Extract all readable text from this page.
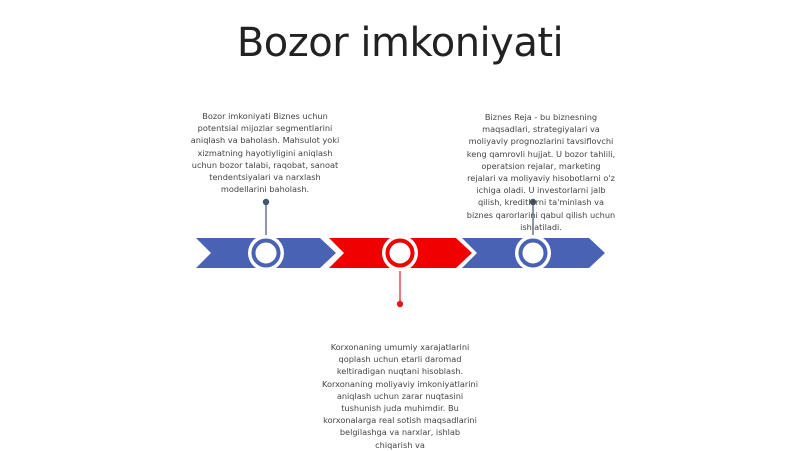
Bozor imkoniyati
Bozor imkoniyati Biznes uchun potentsial mijozlar segmentlarini aniqlash va baholash. Mahsulot yoki xizmatning hayotiyligini aniqlash uchun bozor talabi, raqobat, sanoat tendentsiyalari va narxlash modellarini baholash.
Biznes Reja - bu biznesning maqsadlari, strategiyalari va moliyaviy prognozlarini tavsiflovchi keng qamrovli hujjat. U bozor tahlili, operatsion rejalar, marketing rejalari va moliyaviy hisobotlarni o'z ichiga oladi. U investorlarni jalb qilish, kreditlarni ta'minlash va biznes qarorlarini qabul qilish uchun ishlatiladi.
Korxonaning umumiy xarajatlarini qoplash uchun etarli daromad keltiradigan nuqtani hisoblash. Korxonaning moliyaviy imkoniyatlarini aniqlash uchun zarar nuqtasini tushunish juda muhimdir. Bu korxonalarga real sotish maqsadlarini belgilashga va narxlar, ishlab chiqarish va
